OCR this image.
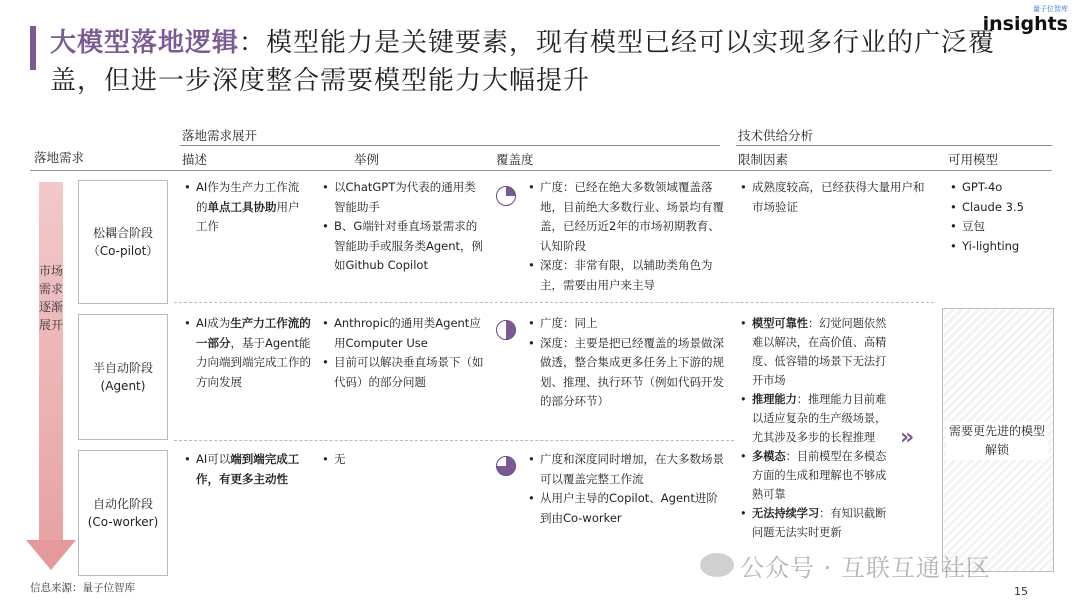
大模型落地逻辑：模型能力是关键要素，现有模型已经可以实现多行业的广泛覆盖，但进一步深度整合需要模型能力大幅提升
量子位智库
insights
落地需求展开	技术供给分析
落地需求	描述	举例	覆盖度	限制因素	可用模型
市场需求逐渐展开
松耦合阶段
（Co-pilot）
半自动阶段
(Agent)
自动化阶段
(Co-worker)
• AI作为生产力工作流的单点工具协助用户工作
• 以ChatGPT为代表的通用类智能助手
• B、G端针对垂直场景需求的智能助手或服务类Agent，例如Github Copilot
• 广度：已经在绝大多数领域覆盖落地，目前绝大多数行业、场景均有覆盖，已经历近2年的市场初期教育、认知阶段
• 深度：非常有限，以辅助类角色为主，需要由用户来主导
• 成熟度较高，已经获得大量用户和市场验证
• GPT-4o
• Claude 3.5
• 豆包
• Yi-lighting
• AI成为生产力工作流的一部分，基于Agent能力向端到端完成工作的方向发展
• Anthropic的通用类Agent应用Computer Use
• 目前可以解决垂直场景下（如代码）的部分问题
• 广度：同上
• 深度：主要是把已经覆盖的场景做深做透，整合集成更多任务上下游的规划、推理、执行环节（例如代码开发的部分环节）
• AI可以端到端完成工作，有更多主动性
• 无
•	广度和深度同时增加，在大多数场景可以覆盖完整工作流
• 从用户主导的Copilot、Agent进阶到由Co-worker
• 模型可靠性：幻觉问题依然难以解决，在高价值、高精度、低容错的场景下无法打开市场
• 推理能力：推理能力目前难以适应复杂的生产级场景，尤其涉及多步的长程推理
• 多模态：目前模型在多模态方面的生成和理解也不够成熟可靠
• 无法持续学习：有知识截断问题无法实时更新
»	需要更先进的模型解锁
信息来源：量子位智库
公众号 · 互联互通社区
15
